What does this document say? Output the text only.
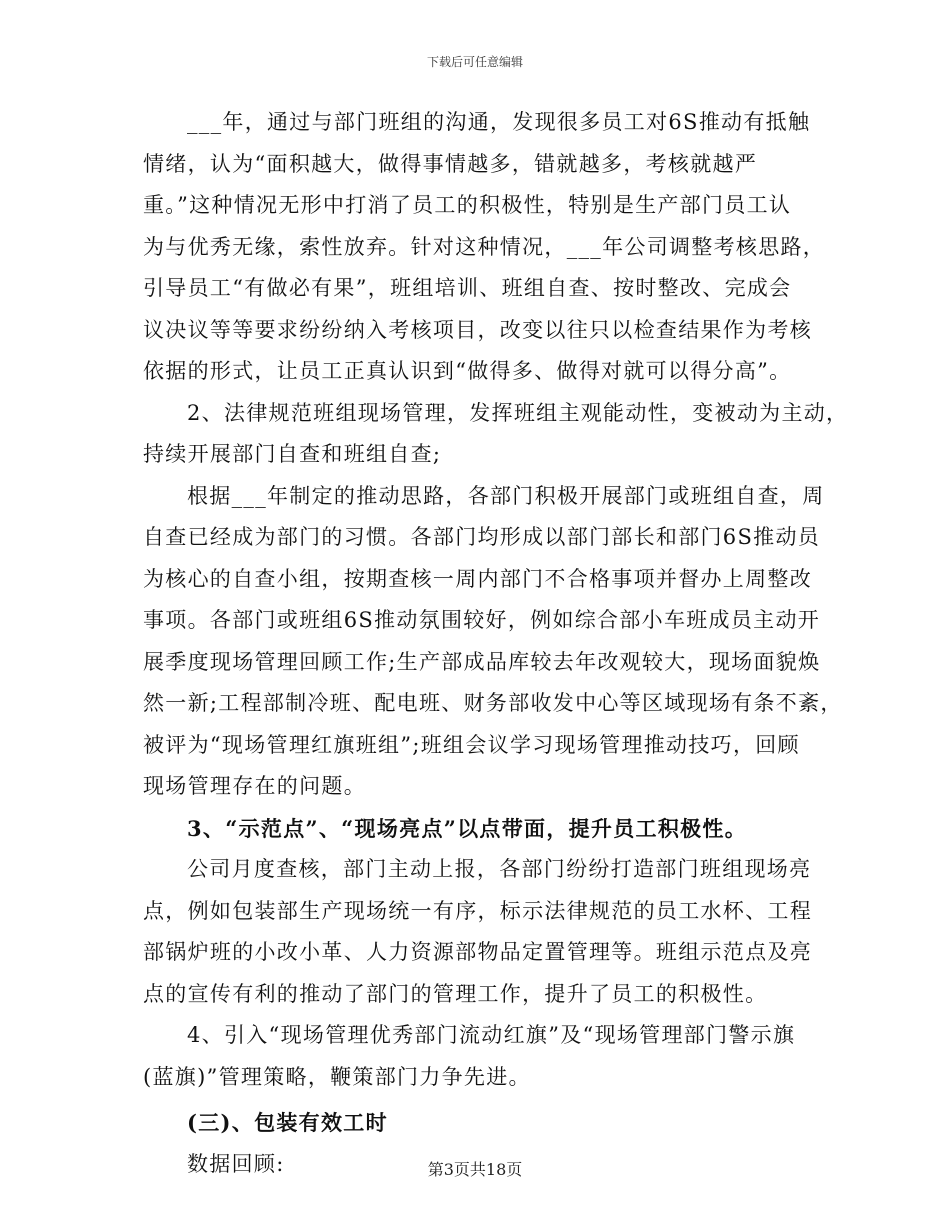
下载后可任意编辑
___年，通过与部门班组的沟通，发现很多员工对6S推动有抵触
情绪，认为“面积越大，做得事情越多，错就越多，考核就越严
重。”这种情况无形中打消了员工的积极性，特别是生产部门员工认
为与优秀无缘，索性放弃。针对这种情况，___年公司调整考核思路，
引导员工“有做必有果”，班组培训、班组自查、按时整改、完成会
议决议等等要求纷纷纳入考核项目，改变以往只以检查结果作为考核
依据的形式，让员工正真认识到“做得多、做得对就可以得分高”。
2、法律规范班组现场管理，发挥班组主观能动性，变被动为主动，
持续开展部门自查和班组自查;
根据___年制定的推动思路，各部门积极开展部门或班组自查，周
自查已经成为部门的习惯。各部门均形成以部门部长和部门6S推动员
为核心的自查小组，按期查核一周内部门不合格事项并督办上周整改
事项。各部门或班组6S推动氛围较好，例如综合部小车班成员主动开
展季度现场管理回顾工作;生产部成品库较去年改观较大，现场面貌焕
然一新;工程部制冷班、配电班、财务部收发中心等区域现场有条不紊，
被评为“现场管理红旗班组”;班组会议学习现场管理推动技巧，回顾
现场管理存在的问题。
3、“示范点”、“现场亮点”以点带面，提升员工积极性。
公司月度查核，部门主动上报，各部门纷纷打造部门班组现场亮
点，例如包装部生产现场统一有序，标示法律规范的员工水杯、工程
部锅炉班的小改小革、人力资源部物品定置管理等。班组示范点及亮
点的宣传有利的推动了部门的管理工作，提升了员工的积极性。
4、引入“现场管理优秀部门流动红旗”及“现场管理部门警示旗
(蓝旗)”管理策略，鞭策部门力争先进。
(三)、包装有效工时
数据回顾:	第3页共18页
